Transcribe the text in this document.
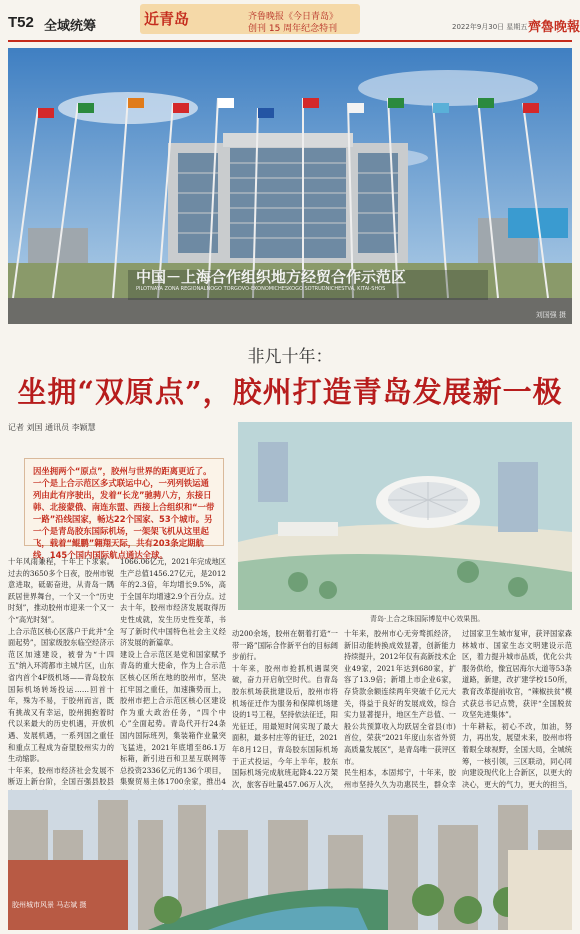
T52 全域统筹	近青岛	齐鲁晚报《今日青岛》
创刊 15 周年纪念特刊	2022年9月30日 星期五 齊魯晚報
中国－上海合作组织地方经贸合作示范区
PILOTNAYA ZONA REGIONALNOGO TORGOVO-EKONOMICHESKOGO SOTRUDNICHESTVA, KITAI-SHOS
刘国强 摄
非凡十年：
坐拥“双原点”，胶州打造青岛发展新一极
记者 刘国 通讯员 李颖慧
因坐拥两个“原点”，胶州与世界的距离更近了。一个是上合示范区多式联运中心，一列列铁运通列由此有序驶出，发着“长龙”驰骋八方，东接日韩、北接蒙俄、南连东盟、西接上合组织和“一带一路”沿线国家，畅达22个国家、53个城市。另一个是青岛胶东国际机场，一架架飞机从这里起飞，载着“鲲鹏”翱翔天际，共有203条定期航线，145个国内国际航点通达全球。
青岛·上合之珠国际博览中心效果图。
十年风雨兼程，十年上下求索。过去的3650多个日夜，胶州市锐意进取，砥砺奋进，从青岛一隅跃居世界舞台，一个又一个“历史时刻”，推动胶州市迎来一个又一个“高光时刻”。
上合示范区核心区落户于此并“全面起势”，国家级胶东临空经济示范区加速建设，被誉为“十四五”纳入环湾都市主城片区，山东省内首个4F级机场——青岛胶东国际机场转场投运……回首十年，殊为不易，于胶州而言，既有挑战又有幸运，胶州拥抱着时代以来最大的历史机遇，开放机遇、发展机遇，一系列国之重任和重点工程成为奋望胶州实力的生动缩影。
十年来，胶州市经济社会发展不断迈上新台阶，全国百强县胶县
1066.06亿元，2021年完成地区生产总值1456.27亿元，是2012年的2.3倍，年均增长9.5%，高于全国年均增速2.9个百分点。过去十年，胶州市经济发展取得历史性成就，发生历史性变革，书写了新时代中国特色社会主义经济发展的新篇章。
建设上合示范区是党和国家赋予青岛的重大使命，作为上合示范区核心区所在地的胶州市，坚决扛牢国之重任，加速撕势而上，胶州市把上合示范区核心区建设作为重大政治任务，“四个中心”全面起势。青岛代开行24条国内国际班列，集装箱作业量突飞猛进，2021年底增至86.1万标箱，新引进百和卫星互联网等总投资2336亿元的136个项目，集聚贸易主体1700余家，推出4
动200余场，胶州在朝着打造“一带一路”国际合作新平台的目标阔步前行。
十年来，胶州市抢抓机遇谋突破，奋力开启航空时代。自青岛胶东机场获批建设后，胶州市将机场征迁作为服务和保障机场建设的1号工程，坚持依法征迁，阳光征迁，用最短时间实现了最大面积，最多村庄等的征迁，2021年8月12日，青岛胶东国际机场于正式投运，今年上半年，胶东国际机场完成航班起降4.22万架次，旅客吞吐量457.06万人次，
十年来，胶州市心无旁骛抓经济，新旧动能转换成效显著，创新能力持续提升，2012年仅有高新技术企业49家，2021年达到680家，扩容了13.9倍；新增上市企业6家，存贷款余额连续两年突破千亿元大关，得益于良好的发展成效，综合实力显著提升，地区生产总值、一般公共预算收入均跃居全省县(市)首位，荣获“2021年度山东省外贸高质量发展区”，是青岛唯一获评区市。
民生相本，本固邦宁，十年来，胶州市坚持久久为功惠民生，群众幸
过国家卫生城市复审，获评国家森林城市、国家生态文明建设示范区，着力提升城市品质，优化公共服务供给，像宜居海尔大道等53条道路，新建，改扩建学校150所，教育改革提前收官，“辣椒扶贫”模式获总书记点赞，获评“全国脱贫攻坚先进集体”。
十年耕耘，初心不改，加油，努力，再出发，展望未来，胶州市将着眼全球视野，全国大局，全城统筹，一核引领，三区联动，同心同向建设现代化上合新区，以更大的决心，更大的气力，更大的担当，
胶州城市风景 马志斌 摄
